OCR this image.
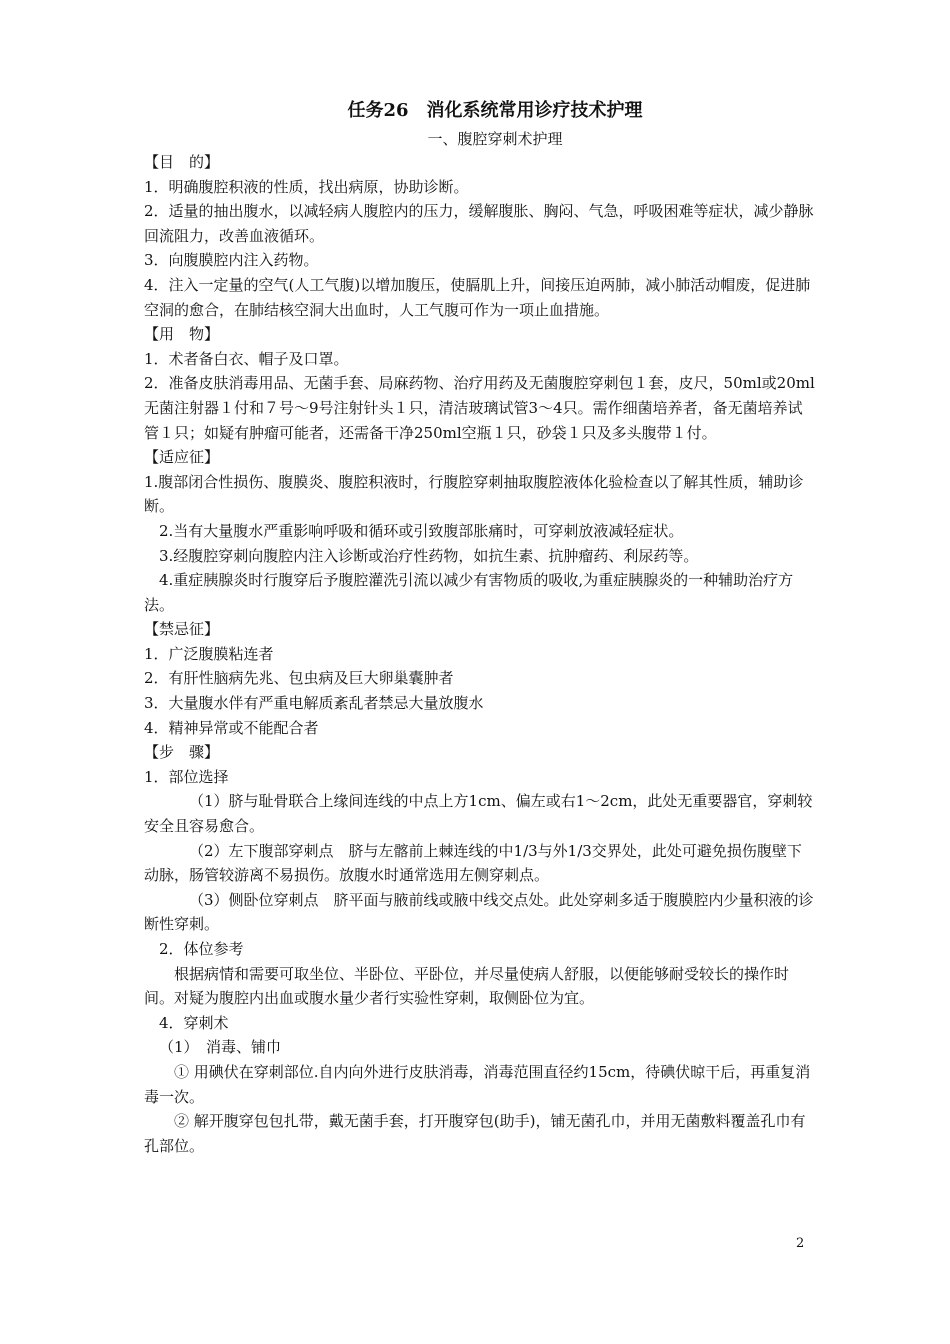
任务26　消化系统常用诊疗技术护理
一、腹腔穿刺术护理

【目　的】

1．明确腹腔积液的性质，找出病原，协助诊断。

2．适量的抽出腹水，以减轻病人腹腔内的压力，缓解腹胀、胸闷、气急，呼吸困难等症状，减少静脉回流阻力，改善血液循环。

3．向腹膜腔内注入药物。

4．注入一定量的空气(人工气腹)以增加腹压，使膈肌上升，间接压迫两肺，减小肺活动帽废，促进肺空洞的愈合，在肺结核空洞大出血时，人工气腹可作为一项止血措施。

【用　物】

1．术者备白衣、帽子及口罩。

2．准备皮肤消毒用品、无菌手套、局麻药物、治疗用药及无菌腹腔穿刺包１套，皮尺，50ml或20ml无菌注射器１付和７号～9号注射针头１只，清洁玻璃试管3～4只。需作细菌培养者，备无菌培养试管１只；如疑有肿瘤可能者，还需备干净250ml空瓶１只，砂袋１只及多头腹带１付。

【适应征】

1.腹部闭合性损伤、腹膜炎、腹腔积液时，行腹腔穿刺抽取腹腔液体化验检查以了解其性质，辅助诊断。

2.当有大量腹水严重影响呼吸和循环或引致腹部胀痛时，可穿刺放液减轻症状。

3.经腹腔穿刺向腹腔内注入诊断或治疗性药物，如抗生素、抗肿瘤药、利尿药等。

4.重症胰腺炎时行腹穿后予腹腔灌洗引流以减少有害物质的吸收,为重症胰腺炎的一种辅助治疗方法。

【禁忌征】

1．广泛腹膜粘连者

2．有肝性脑病先兆、包虫病及巨大卵巢囊肿者

3．大量腹水伴有严重电解质紊乱者禁忌大量放腹水

4．精神异常或不能配合者

【步　骤】

1．部位选择

（1）脐与耻骨联合上缘间连线的中点上方1cm、偏左或右1～2cm，此处无重要器官，穿刺较安全且容易愈合。

（2）左下腹部穿刺点　脐与左髂前上棘连线的中1/3与外1/3交界处，此处可避免损伤腹壁下动脉，肠管较游离不易损伤。放腹水时通常选用左侧穿刺点。

（3）侧卧位穿刺点　脐平面与腋前线或腋中线交点处。此处穿刺多适于腹膜腔内少量积液的诊断性穿刺。

2．体位参考

根据病情和需要可取坐位、半卧位、平卧位，并尽量使病人舒服，以便能够耐受较长的操作时间。对疑为腹腔内出血或腹水量少者行实验性穿刺，取侧卧位为宜。

4．穿刺术

（1）　消毒、铺巾

① 用碘伏在穿刺部位.自内向外进行皮肤消毒，消毒范围直径约15cm，待碘伏晾干后，再重复消毒一次。

② 解开腹穿包包扎带，戴无菌手套，打开腹穿包(助手)，铺无菌孔巾，并用无菌敷料覆盖孔巾有孔部位。

2
